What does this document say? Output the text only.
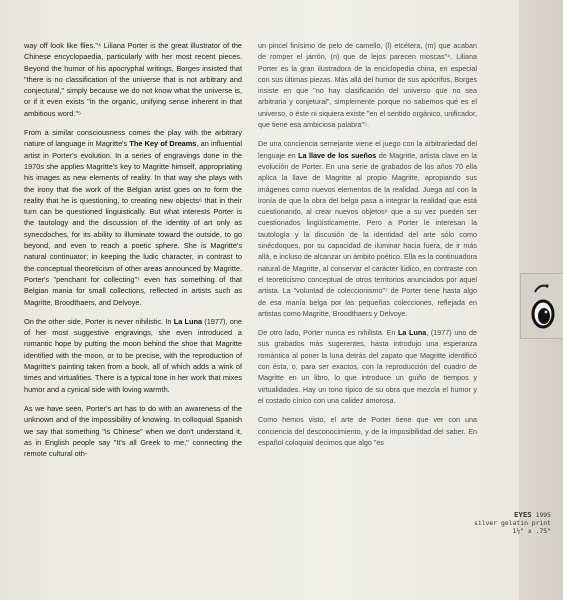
way off look like flies."⁴ Liliana Porter is the great illustrator of the Chinese encyclopaedia, particularly with her most recent pieces. Beyond the humor of his apocryphal writings, Borges insisted that "there is no classification of the universe that is not arbitrary and conjectural," simply because we do not know what the universe is, or if it even exists "in the organic, unifying sense inherent in that ambitious word."⁵

From a similar consciousness comes the play with the arbitrary nature of language in Magritte's The Key of Dreams, an influential artist in Porter's evolution. In a series of engravings done in the 1970s she applies Magritte's key to Magritte himself, appropriating his images as new elements of reality. In that way she plays with the irony that the work of the Belgian artist goes on to form the reality that he is questioning, to creating new objects⁶ that in their turn can be questioned linguistically. But what interests Porter is the tautology and the discussion of the identity of art only as synecdoches, for its ability to illuminate toward the outside, to go beyond, and even to reach a poetic sphere. She is Magritte's natural continuator; in keeping the ludic character, in contrast to the conceptual theoreticism of other areas announced by Magritte. Porter's "penchant for collecting"⁷ even has something of that Belgian mania for small collections, reflected in artists such as Magritte, Broodthaers, and Delvoye.

On the other side, Porter is never nihilistic. In La Luna (1977), one of her most suggestive engravings, she even introduced a romantic hope by putting the moon behind the shoe that Magritte identified with the moon, or to be precise, with the reproduction of Magritte's painting taken from a book, all of which adds a wink of times and virtualities. There is a typical tone in her work that mixes humor and a cynical side with loving warmth.

As we have seen, Porter's art has to do with an awareness of the unknown and of the impossibility of knowing. In colloquial Spanish we say that something "is Chinese" when we don't understand it, as in English people say "It's all Greek to me," connecting the remote cultural oth-

un pincel finísimo de pelo de camello, (l) etcétera, (m) que acaban de romper el jarrón, (n) que de lejos parecen moscas"⁴. Liliana Porter es la gran ilustradora de la enciclopedia china, en especial con sus últimas piezas. Más allá del humor de sus apócrifos, Borges insiste en que "no hay clasificación del universo que no sea arbitraria y conjetural", simplemente porque no sabemos qué es el universo, o éste ni siquiera existe "en el sentido orgánico, unificador, que tiene esa ambiciosa palabra"⁵.

De una conciencia semejante viene el juego con la arbitrariedad del lenguaje en La llave de los sueños de Magritte, artista clave en la evolución de Porter. En una serie de grabados de los años 70 ella aplica la llave de Magritte al propio Magritte, apropiando sus imágenes como nuevos elementos de la realidad. Juega así con la ironía de que la obra del belga pasa a integrar la realidad que está cuestionando, al crear nuevos objetos⁶ que a su vez pueden ser cuestionados lingüísticamente. Pero a Porter le interesan la tautología y la discusión de la identidad del arte sólo como sinécdoques, por su capacidad de iluminar hacia fuera, de ir más allá, e incluso de alcanzar un ámbito poético. Ella es la continuadora natural de Magritte, al conservar el carácter lúdico, en contraste con el teoreticismo conceptual de otros territorios anunciados por aquel artista. La "voluntad de coleccionismo"⁷ de Porter tiene hasta algo de esa manía belga por las pequeñas colecciones, reflejada en artistas como Magritte, Broodthaers y Delvoye.

De otro lado, Porter nunca es nihilista. En La Luna, (1977) uno de sus grabados más sugerentes, hasta introdujo una esperanza romántica al poner la luna detrás del zapato que Magritte identificó con ésta, o, para ser exactos, con la reproducción del cuadro de Magritte en un libro, lo que introduce un guiño de tiempos y virtualidades. Hay un tono típico de su obra que mezcla el humor y el costado cínico con una calidez amorosa.

Como hemos visto, el arte de Porter tiene que ver con una conciencia del desconocimiento, y de la imposibilidad del saber. En español coloquial decimos que algo "es

EYES 1995
silver gelatin print
1½" x .75"
